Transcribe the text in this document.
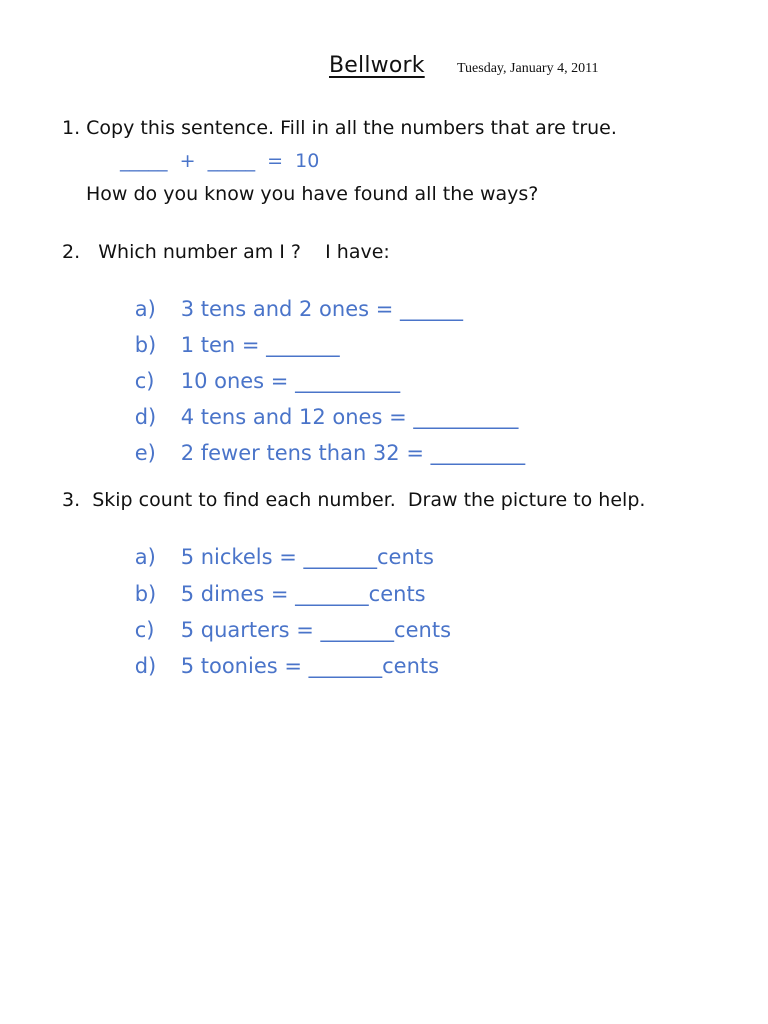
Bellwork Tuesday, January 4, 2011
1. Copy this sentence. Fill in all the numbers that are true.
_____  +  _____  =  10
How do you know you have found all the ways?
2.   Which number am I ?    I have:

a) 3 tens and 2 ones = ______

b) 1 ten = _______

c) 10 ones = __________

d) 4 tens and 12 ones = __________

e) 2 fewer tens than 32 = _________

3.  Skip count to find each number.  Draw the picture to help.

a) 5 nickels = _______cents

b) 5 dimes = _______cents

c) 5 quarters = _______cents

d) 5 toonies = _______cents
